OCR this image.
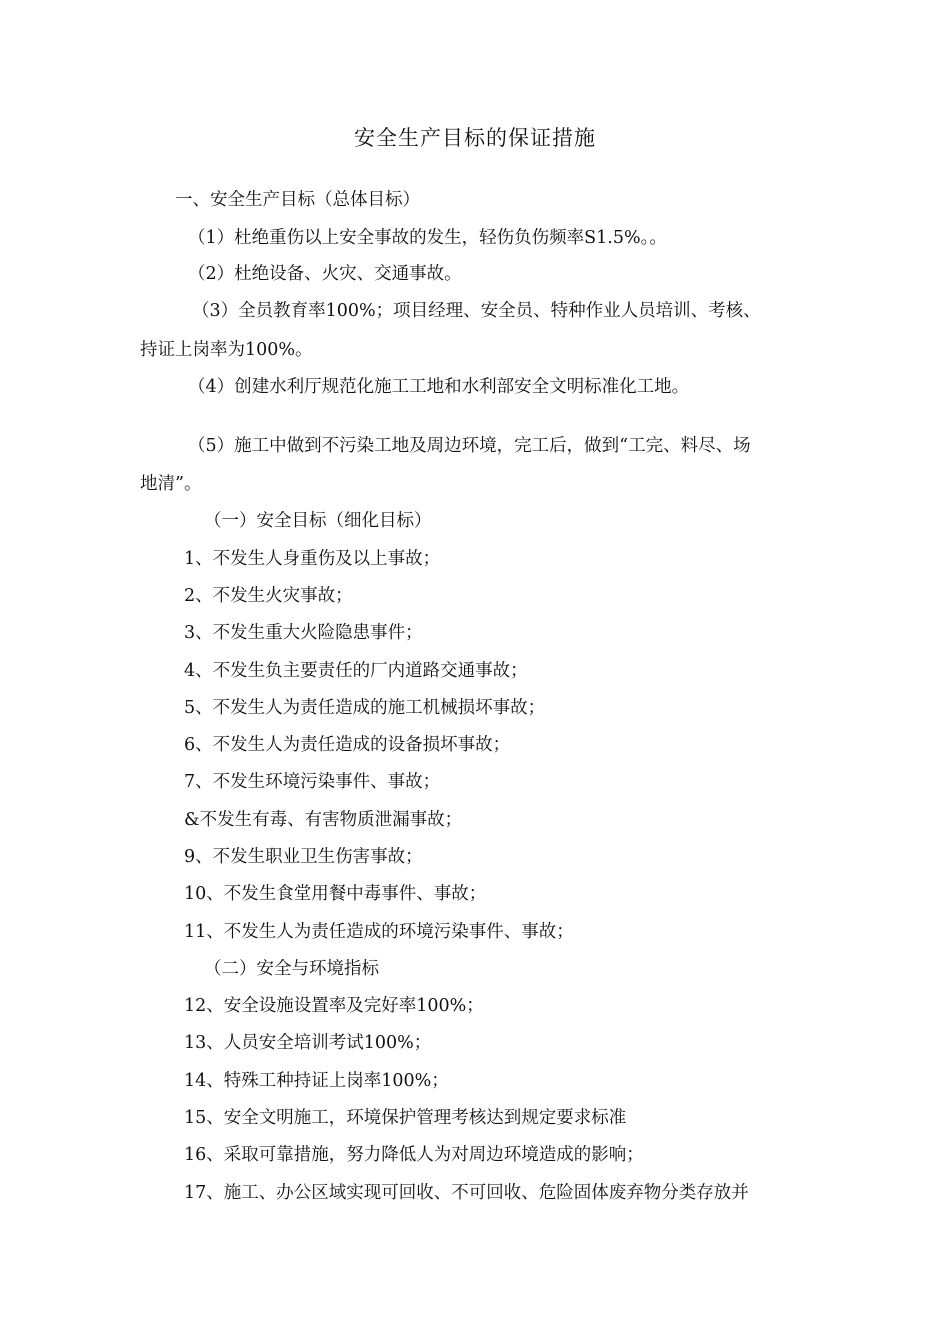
安全生产目标的保证措施
一、安全生产目标（总体目标）
（1）杜绝重伤以上安全事故的发生，轻伤负伤频率S1.5%。。
（2）杜绝设备、火灾、交通事故。
（3）全员教育率100%；项目经理、安全员、特种作业人员培训、考核、
持证上岗率为100%。
（4）创建水利厅规范化施工工地和水利部安全文明标准化工地。
（5）施工中做到不污染工地及周边环境，完工后，做到“工完、料尽、场
地清”。
（一）安全目标（细化目标）
1、不发生人身重伤及以上事故；
2、不发生火灾事故；
3、不发生重大火险隐患事件；
4、不发生负主要责任的厂内道路交通事故；
5、不发生人为责任造成的施工机械损坏事故；
6、不发生人为责任造成的设备损坏事故；
7、不发生环境污染事件、事故；
&不发生有毒、有害物质泄漏事故；
9、不发生职业卫生伤害事故；
10、不发生食堂用餐中毒事件、事故；
11、不发生人为责任造成的环境污染事件、事故；
（二）安全与环境指标
12、安全设施设置率及完好率100%；
13、人员安全培训考试100%；
14、特殊工种持证上岗率100%；
15、安全文明施工，环境保护管理考核达到规定要求标准
16、采取可靠措施，努力降低人为对周边环境造成的影响；
17、施工、办公区域实现可回收、不可回收、危险固体废弃物分类存放并
